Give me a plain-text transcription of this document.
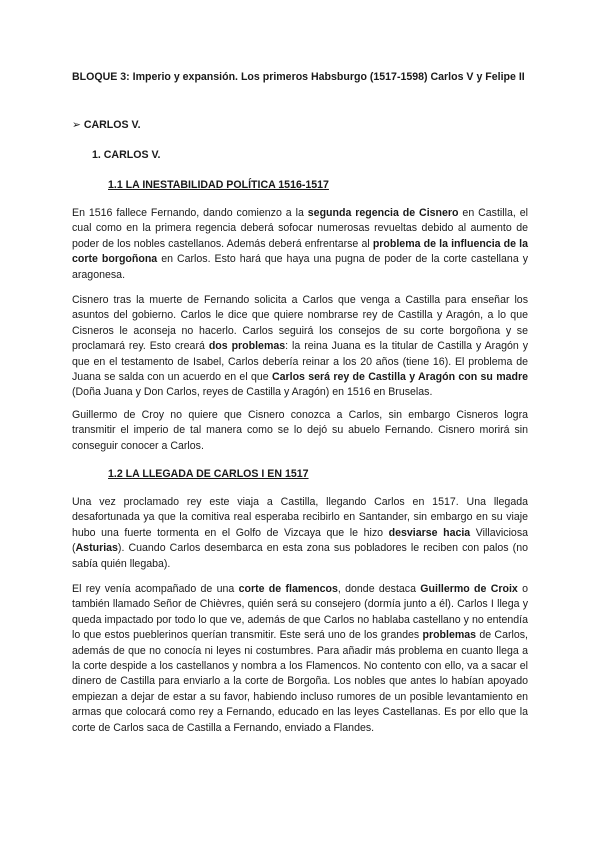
BLOQUE 3: Imperio y expansión. Los primeros Habsburgo (1517-1598) Carlos V y Felipe II

➢ CARLOS V.

1. CARLOS V.

1.1 LA INESTABILIDAD POLÍTICA 1516-1517

En 1516 fallece Fernando, dando comienzo a la segunda regencia de Cisnero en Castilla, el cual como en la primera regencia deberá sofocar numerosas revueltas debido al aumento de poder de los nobles castellanos. Además deberá enfrentarse al problema de la influencia de la corte borgoñona en Carlos. Esto hará que haya una pugna de poder de la corte castellana y aragonesa.

Cisnero tras la muerte de Fernando solicita a Carlos que venga a Castilla para enseñar los asuntos del gobierno. Carlos le dice que quiere nombrarse rey de Castilla y Aragón, a lo que Cisneros le aconseja no hacerlo. Carlos seguirá los consejos de su corte borgoñona y se proclamará rey. Esto creará dos problemas: la reina Juana es la titular de Castilla y Aragón y que en el testamento de Isabel, Carlos debería reinar a los 20 años (tiene 16). El problema de Juana se salda con un acuerdo en el que Carlos será rey de Castilla y Aragón con su madre (Doña Juana y Don Carlos, reyes de Castilla y Aragón) en 1516 en Bruselas.

Guillermo de Croy no quiere que Cisnero conozca a Carlos, sin embargo Cisneros logra transmitir el imperio de tal manera como se lo dejó su abuelo Fernando. Cisnero morirá sin conseguir conocer a Carlos.

1.2 LA LLEGADA DE CARLOS I EN 1517

Una vez proclamado rey este viaja a Castilla, llegando Carlos en 1517. Una llegada desafortunada ya que la comitiva real esperaba recibirlo en Santander, sin embargo en su viaje hubo una fuerte tormenta en el Golfo de Vizcaya que le hizo desviarse hacia Villaviciosa (Asturias). Cuando Carlos desembarca en esta zona sus pobladores le reciben con palos (no sabía quién llegaba).

El rey venía acompañado de una corte de flamencos, donde destaca Guillermo de Croix o también llamado Señor de Chièvres, quién será su consejero (dormía junto a él). Carlos I llega y queda impactado por todo lo que ve, además de que Carlos no hablaba castellano y no entendía lo que estos pueblerinos querían transmitir. Este será uno de los grandes problemas de Carlos, además de que no conocía ni leyes ni costumbres. Para añadir más problema en cuanto llega a la corte despide a los castellanos y nombra a los Flamencos. No contento con ello, va a sacar el dinero de Castilla para enviarlo a la corte de Borgoña. Los nobles que antes lo habían apoyado empiezan a dejar de estar a su favor, habiendo incluso rumores de un posible levantamiento en armas que colocará como rey a Fernando, educado en las leyes Castellanas. Es por ello que la corte de Carlos saca de Castilla a Fernando, enviado a Flandes.
